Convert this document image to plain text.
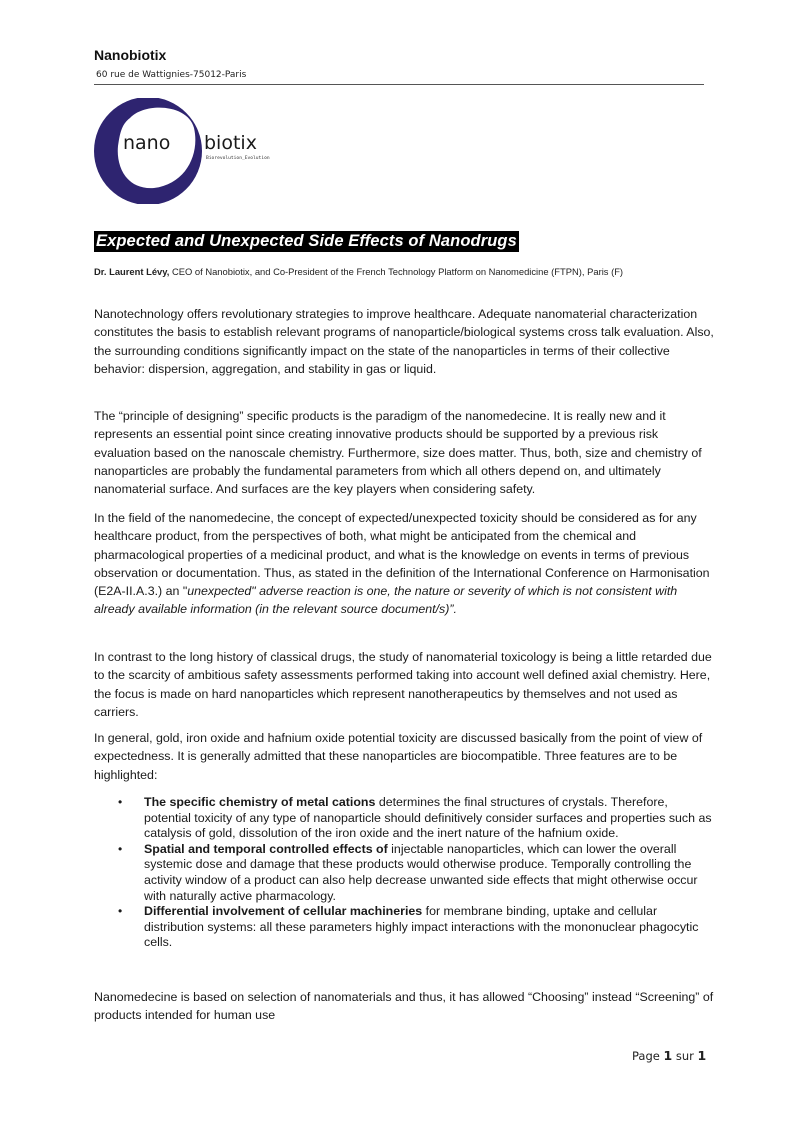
Nanobiotix
60 rue de Wattignies-75012-Paris
nano biotix
Biorevolution_Evolution
Expected and Unexpected Side Effects of Nanodrugs
Dr. Laurent Lévy, CEO of Nanobiotix, and Co-President of the French Technology Platform on Nanomedicine (FTPN), Paris (F)

Nanotechnology offers revolutionary strategies to improve healthcare. Adequate nanomaterial characterization constitutes the basis to establish relevant programs of nanoparticle/biological systems cross talk evaluation. Also, the surrounding conditions significantly impact on the state of the nanoparticles in terms of their collective behavior: dispersion, aggregation, and stability in gas or liquid.

The “principle of designing” specific products is the paradigm of the nanomedecine. It is really new and it represents an essential point since creating innovative products should be supported by a previous risk evaluation based on the nanoscale chemistry. Furthermore, size does matter. Thus, both, size and chemistry of nanoparticles are probably the fundamental parameters from which all others depend on, and ultimately nanomaterial surface. And surfaces are the key players when considering safety.

In the field of the nanomedecine, the concept of expected/unexpected toxicity should be considered as for any healthcare product, from the perspectives of both, what might be anticipated from the chemical and pharmacological properties of a medicinal product, and what is the knowledge on events in terms of previous observation or documentation. Thus, as stated in the definition of the International Conference on Harmonisation (E2A-II.A.3.) an "unexpected" adverse reaction is one, the nature or severity of which is not consistent with already available information (in the relevant source document/s)”.

In contrast to the long history of classical drugs, the study of nanomaterial toxicology is being a little retarded due to the scarcity of ambitious safety assessments performed taking into account well defined axial chemistry. Here, the focus is made on hard nanoparticles which represent nanotherapeutics by themselves and not used as carriers.

In general, gold, iron oxide and hafnium oxide potential toxicity are discussed basically from the point of view of expectedness. It is generally admitted that these nanoparticles are biocompatible. Three features are to be highlighted:

• The specific chemistry of metal cations determines the final structures of crystals. Therefore, potential toxicity of any type of nanoparticle should definitively consider surfaces and properties such as catalysis of gold, dissolution of the iron oxide and the inert nature of the hafnium oxide.
• Spatial and temporal controlled effects of injectable nanoparticles, which can lower the overall systemic dose and damage that these products would otherwise produce. Temporally controlling the activity window of a product can also help decrease unwanted side effects that might otherwise occur with naturally active pharmacology.
• Differential involvement of cellular machineries for membrane binding, uptake and cellular distribution systems: all these parameters highly impact interactions with the mononuclear phagocytic cells.

Nanomedecine is based on selection of nanomaterials and thus, it has allowed “Choosing” instead “Screening” of products intended for human use

Page 1 sur 1
